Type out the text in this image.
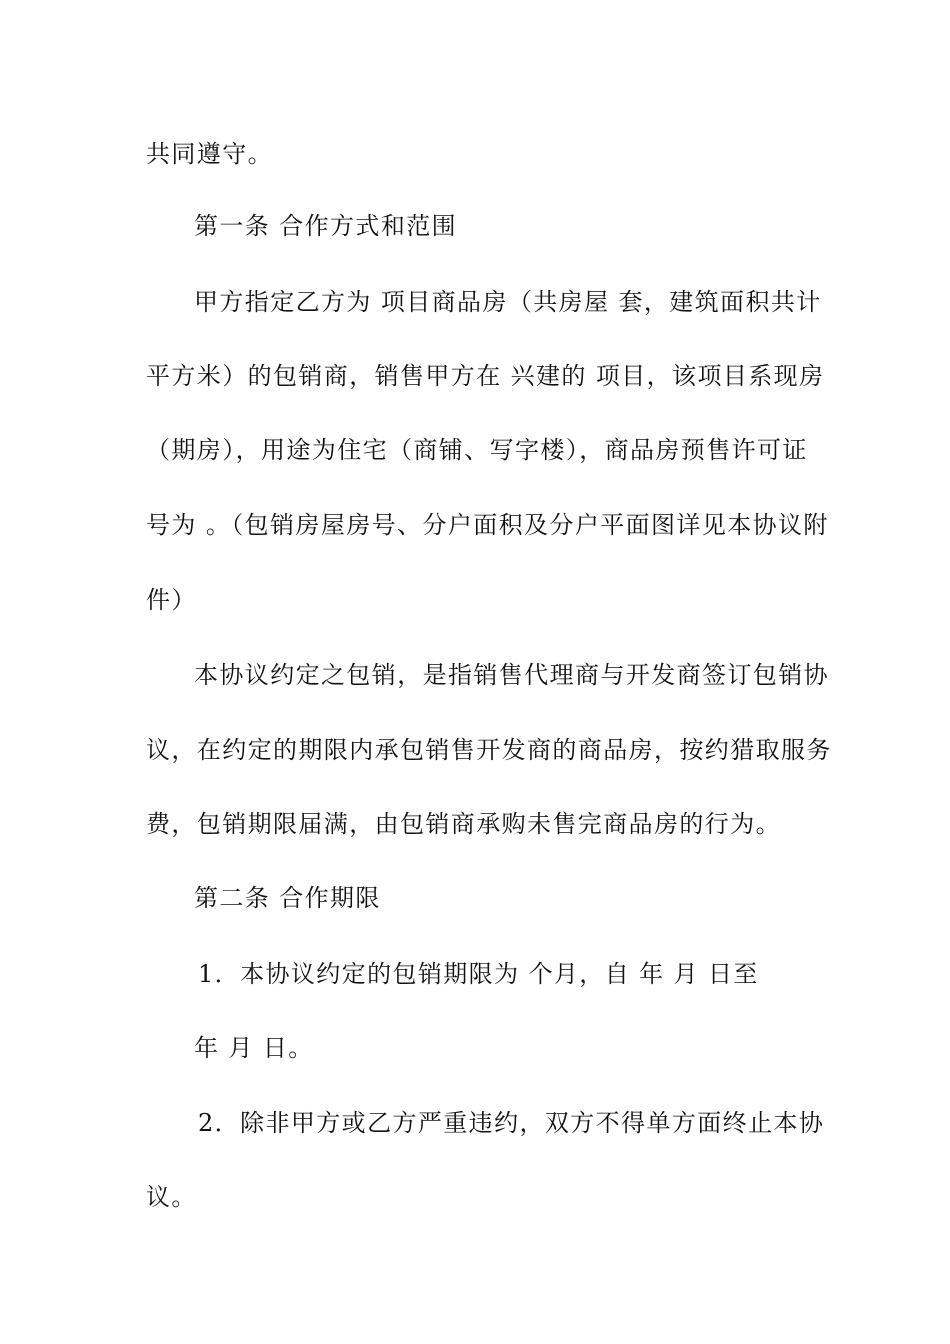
共同遵守。
第一条 合作方式和范围
甲方指定乙方为 项目商品房（共房屋 套，建筑面积共计
平方米）的包销商，销售甲方在 兴建的 项目，该项目系现房
（期房），用途为住宅（商铺、写字楼），商品房预售许可证
号为 。（包销房屋房号、分户面积及分户平面图详见本协议附
件）
本协议约定之包销，是指销售代理商与开发商签订包销协
议，在约定的期限内承包销售开发商的商品房，按约猎取服务
费，包销期限届满，由包销商承购未售完商品房的行为。
第二条 合作期限
1．本协议约定的包销期限为 个月，自 年 月 日至
年 月 日。
2．除非甲方或乙方严重违约，双方不得单方面终止本协
议。
